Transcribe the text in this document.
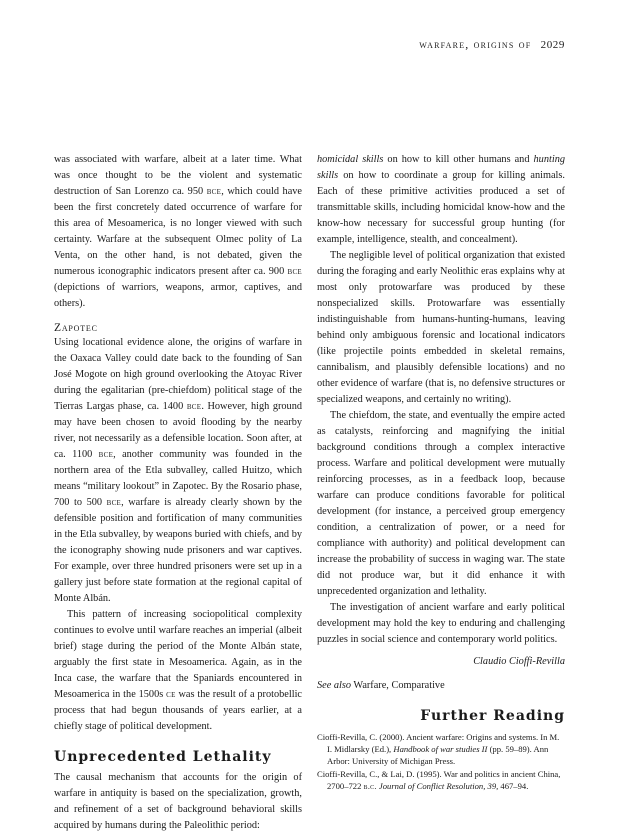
warfare, origins of 2029

was associated with warfare, albeit at a later time. What was once thought to be the violent and systematic destruction of San Lorenzo ca. 950 bce, which could have been the first concretely dated occurrence of warfare for this area of Mesoamerica, is no longer viewed with such certainty. Warfare at the subsequent Olmec polity of La Venta, on the other hand, is not debated, given the numerous iconographic indicators present after ca. 900 bce (depictions of warriors, weapons, armor, captives, and others).

Zapotec

Using locational evidence alone, the origins of warfare in the Oaxaca Valley could date back to the founding of San José Mogote on high ground overlooking the Atoyac River during the egalitarian (pre-chiefdom) political stage of the Tierras Largas phase, ca. 1400 bce. However, high ground may have been chosen to avoid flooding by the nearby river, not necessarily as a defensible location. Soon after, at ca. 1100 bce, another community was founded in the northern area of the Etla subvalley, called Huitzo, which means “military lookout” in Zapotec. By the Rosario phase, 700 to 500 bce, warfare is already clearly shown by the defensible position and fortification of many communities in the Etla subvalley, by weapons buried with chiefs, and by the iconography showing nude prisoners and war captives. For example, over three hundred prisoners were set up in a gallery just before state formation at the regional capital of Monte Albán.

This pattern of increasing sociopolitical complexity continues to evolve until warfare reaches an imperial (albeit brief) stage during the period of the Monte Albán state, arguably the first state in Mesoamerica. Again, as in the Inca case, the warfare that the Spaniards encountered in Mesoamerica in the 1500s ce was the result of a protobellic process that had begun thousands of years earlier, at a chiefly stage of political development.

Unprecedented Lethality

The causal mechanism that accounts for the origin of warfare in antiquity is based on the specialization, growth, and refinement of a set of background behavioral skills acquired by humans during the Paleolithic period:

homicidal skills on how to kill other humans and hunting skills on how to coordinate a group for killing animals. Each of these primitive activities produced a set of transmittable skills, including homicidal know-how and the know-how necessary for successful group hunting (for example, intelligence, stealth, and concealment).

The negligible level of political organization that existed during the foraging and early Neolithic eras explains why at most only protowarfare was produced by these nonspecialized skills. Protowarfare was essentially indistinguishable from humans-hunting-humans, leaving behind only ambiguous forensic and locational indicators (like projectile points embedded in skeletal remains, cannibalism, and plausibly defensible locations) and no other evidence of warfare (that is, no defensive structures or specialized weapons, and certainly no writing).

The chiefdom, the state, and eventually the empire acted as catalysts, reinforcing and magnifying the initial background conditions through a complex interactive process. Warfare and political development were mutually reinforcing processes, as in a feedback loop, because warfare can produce conditions favorable for political development (for instance, a perceived group emergency condition, a centralization of power, or a need for compliance with authority) and political development can increase the probability of success in waging war. The state did not produce war, but it did enhance it with unprecedented organization and lethality.

The investigation of ancient warfare and early political development may hold the key to enduring and challenging puzzles in social science and contemporary world politics.

Claudio Cioffi-Revilla
See also Warfare, Comparative
Further Reading
Cioffi-Revilla, C. (2000). Ancient warfare: Origins and systems. In M. I. Midlarsky (Ed.), Handbook of war studies II (pp. 59–89). Ann Arbor: University of Michigan Press.
Cioffi-Revilla, C., & Lai, D. (1995). War and politics in ancient China, 2700–722 b.c. Journal of Conflict Resolution, 39, 467–94.
